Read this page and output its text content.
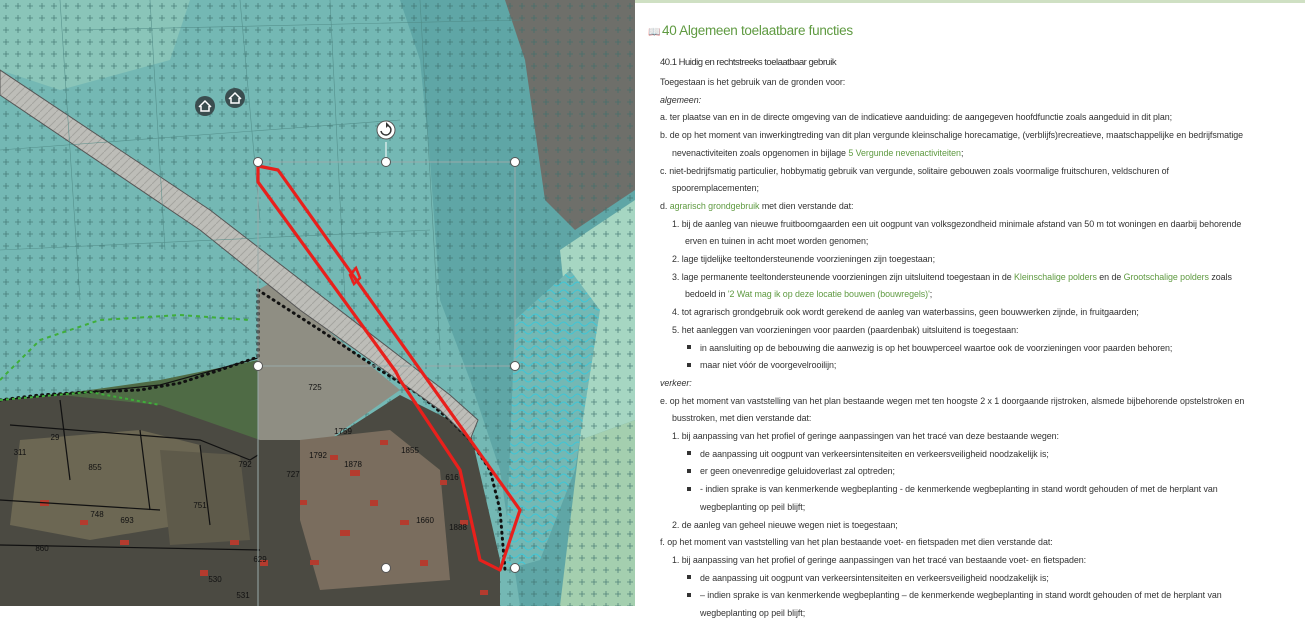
725
855	792
727
751
748
693
311
29
860
530
531
1888
1855
1792
1660
1878
1759
616
629
📖 40 Algemeen toelaatbare functies
40.1 Huidig en rechtstreeks toelaatbaar gebruik
Toegestaan is het gebruik van de gronden voor:
algemeen:
a. ter plaatse van en in de directe omgeving van de indicatieve aanduiding: de aangegeven hoofdfunctie zoals aangeduid in dit plan;
b. de op het moment van inwerkingtreding van dit plan vergunde kleinschalige horecamatige, (verblijfs)recreatieve, maatschappelijke en bedrijfsmatige
nevenactiviteiten zoals opgenomen in bijlage 5 Vergunde nevenactiviteiten;
c. niet-bedrijfsmatig particulier, hobbymatig gebruik van vergunde, solitaire gebouwen zoals voormalige fruitschuren, veldschuren of
spooremplacementen;
d. agrarisch grondgebruik met dien verstande dat:
1. bij de aanleg van nieuwe fruitboomgaarden een uit oogpunt van volksgezondheid minimale afstand van 50 m tot woningen en daarbij behorende
erven en tuinen in acht moet worden genomen;
2. lage tijdelijke teeltondersteunende voorzieningen zijn toegestaan;
3. lage permanente teeltondersteunende voorzieningen zijn uitsluitend toegestaan in de Kleinschalige polders en de Grootschalige polders zoals
bedoeld in '2 Wat mag ik op deze locatie bouwen (bouwregels)';
4. tot agrarisch grondgebruik ook wordt gerekend de aanleg van waterbassins, geen bouwwerken zijnde, in fruitgaarden;
5. het aanleggen van voorzieningen voor paarden (paardenbak) uitsluitend is toegestaan:
in aansluiting op de bebouwing die aanwezig is op het bouwperceel waartoe ook de voorzieningen voor paarden behoren;
maar niet vóór de voorgevelrooilijn;
verkeer:
e. op het moment van vaststelling van het plan bestaande wegen met ten hoogste 2 x 1 doorgaande rijstroken, alsmede bijbehorende opstelstroken en
busstroken, met dien verstande dat:
1. bij aanpassing van het profiel of geringe aanpassingen van het tracé van deze bestaande wegen:
de aanpassing uit oogpunt van verkeersintensiteiten en verkeersveiligheid noodzakelijk is;
er geen onevenredige geluidoverlast zal optreden;
- indien sprake is van kenmerkende wegbeplanting - de kenmerkende wegbeplanting in stand wordt gehouden of met de herplant van
wegbeplanting op peil blijft;
2. de aanleg van geheel nieuwe wegen niet is toegestaan;
f. op het moment van vaststelling van het plan bestaande voet- en fietspaden met dien verstande dat:
1. bij aanpassing van het profiel of geringe aanpassingen van het tracé van bestaande voet- en fietspaden:
de aanpassing uit oogpunt van verkeersintensiteiten en verkeersveiligheid noodzakelijk is;
– indien sprake is van kenmerkende wegbeplanting – de kenmerkende wegbeplanting in stand wordt gehouden of met de herplant van
wegbeplanting op peil blijft;
